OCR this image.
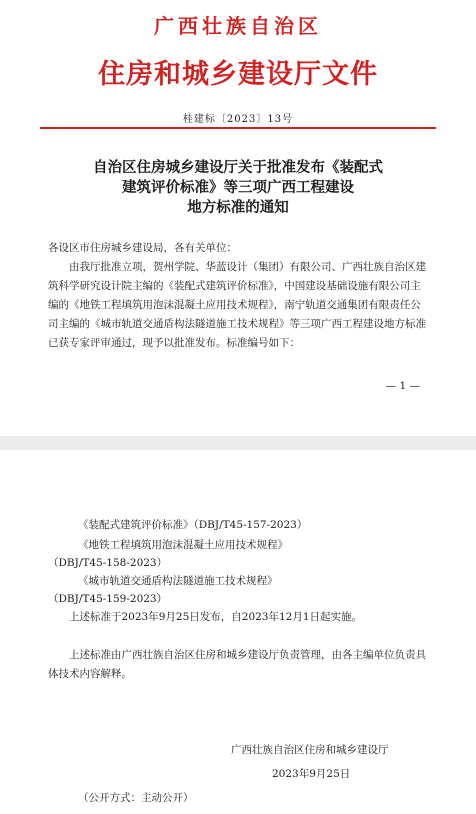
广西壮族自治区
住房和城乡建设厅文件
桂建标〔2023〕13号
自治区住房城乡建设厅关于批准发布《装配式
建筑评价标准》等三项广西工程建设
地方标准的通知

各设区市住房城乡建设局，各有关单位：

由我厅批准立项，贺州学院、华蓝设计（集团）有限公司、广西壮族自治区建筑科学研究设计院主编的《装配式建筑评价标准》，中国建设基础设施有限公司主编的《地铁工程填筑用泡沫混凝土应用技术规程》，南宁轨道交通集团有限责任公司主编的《城市轨道交通盾构法隧道施工技术规程》等三项广西工程建设地方标准已获专家评审通过，现予以批准发布。标准编号如下：

— 1 —
《装配式建筑评价标准》（DBJ/T45-157-2023）
《地铁工程填筑用泡沫混凝土应用技术规程》
（DBJ/T45-158-2023）
《城市轨道交通盾构法隧道施工技术规程》
（DBJ/T45-159-2023）

上述标准于2023年9月25日发布，自2023年12月1日起实施。

上述标准由广西壮族自治区住房和城乡建设厅负责管理，由各主编单位负责具体技术内容解释。

广西壮族自治区住房和城乡建设厅
2023年9月25日
（公开方式：主动公开）
